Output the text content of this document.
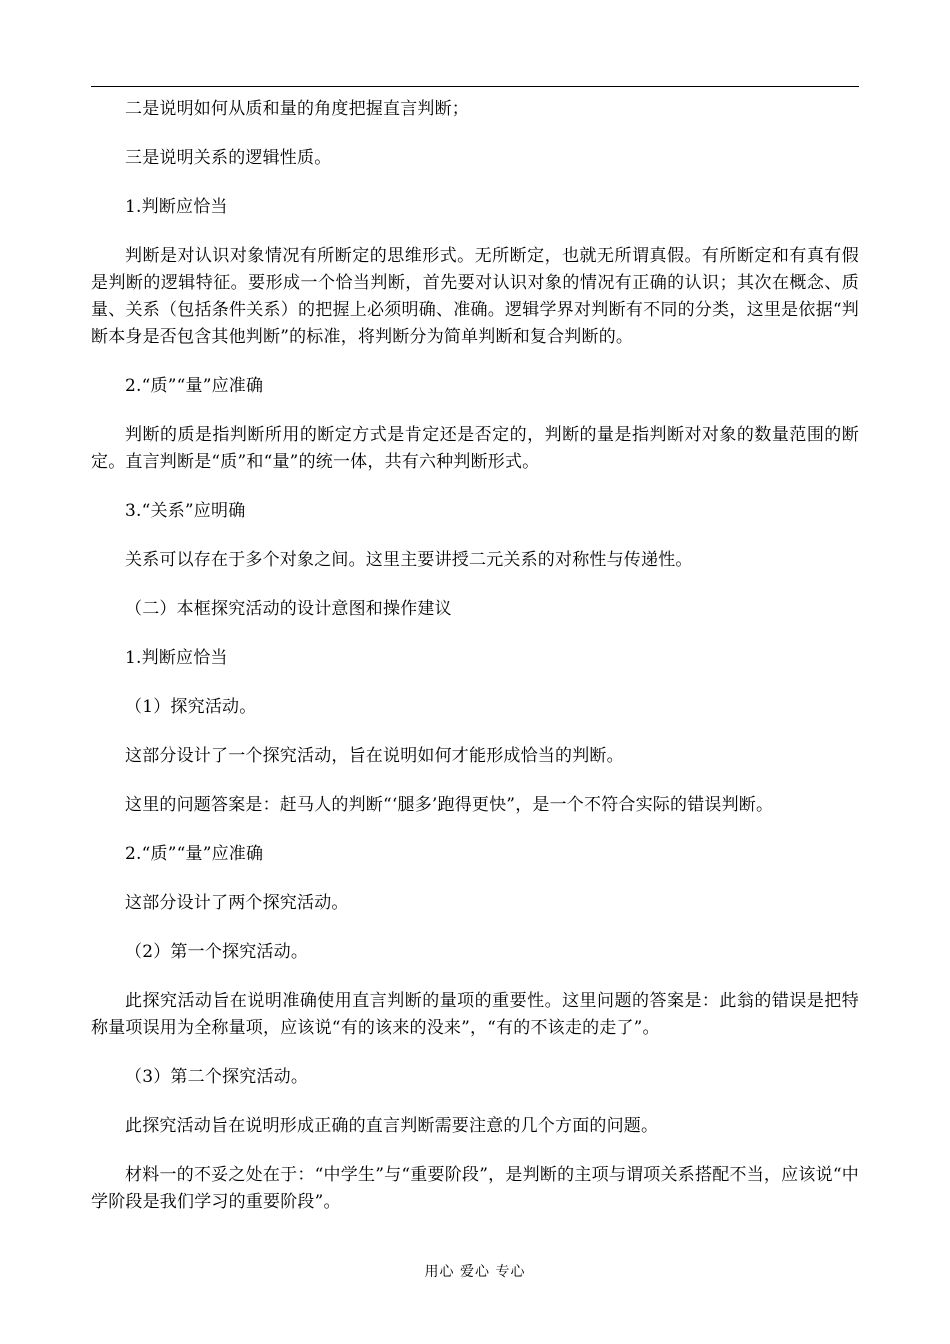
二是说明如何从质和量的角度把握直言判断；

三是说明关系的逻辑性质。

1.判断应恰当

判断是对认识对象情况有所断定的思维形式。无所断定，也就无所谓真假。有所断定和有真有假是判断的逻辑特征。要形成一个恰当判断，首先要对认识对象的情况有正确的认识；其次在概念、质量、关系（包括条件关系）的把握上必须明确、准确。逻辑学界对判断有不同的分类，这里是依据“判断本身是否包含其他判断”的标准，将判断分为简单判断和复合判断的。

2.“质”“量”应准确

判断的质是指判断所用的断定方式是肯定还是否定的，判断的量是指判断对对象的数量范围的断定。直言判断是“质”和“量”的统一体，共有六种判断形式。

3.“关系”应明确

关系可以存在于多个对象之间。这里主要讲授二元关系的对称性与传递性。

（二）本框探究活动的设计意图和操作建议

1.判断应恰当

（1）探究活动。

这部分设计了一个探究活动，旨在说明如何才能形成恰当的判断。

这里的问题答案是：赶马人的判断“‘腿多’跑得更快”，是一个不符合实际的错误判断。

2.“质”“量”应准确

这部分设计了两个探究活动。

（2）第一个探究活动。

此探究活动旨在说明准确使用直言判断的量项的重要性。这里问题的答案是：此翁的错误是把特称量项误用为全称量项，应该说“有的该来的没来”，“有的不该走的走了”。

（3）第二个探究活动。

此探究活动旨在说明形成正确的直言判断需要注意的几个方面的问题。

材料一的不妥之处在于：“中学生”与“重要阶段”，是判断的主项与谓项关系搭配不当，应该说“中学阶段是我们学习的重要阶段”。

用心 爱心 专心
